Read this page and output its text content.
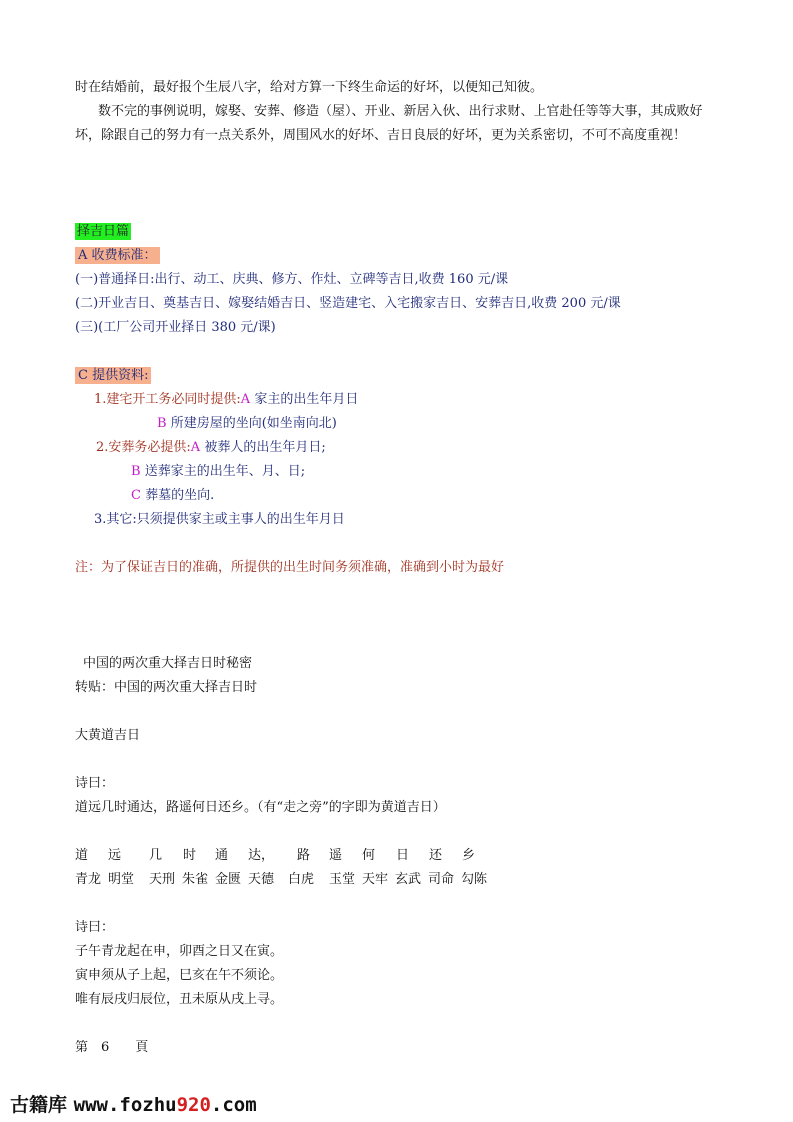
时在结婚前，最好报个生辰八字，给对方算一下终生命运的好坏，以便知己知彼。
数不完的事例说明，嫁娶、安葬、修造（屋）、开业、新居入伙、出行求财、上官赴任等等大事，其成败好
坏，除跟自己的努力有一点关系外，周围风水的好坏、吉日良辰的好坏，更为关系密切，不可不高度重视！
择吉日篇
A 收费标准：
(一)普通择日:出行、动工、庆典、修方、作灶、立碑等吉日,收费 160 元/课
(二)开业吉日、奠基吉日、嫁娶结婚吉日、竖造建宅、入宅搬家吉日、安葬吉日,收费 200 元/课
(三)(工厂公司开业择日 380 元/课)
C 提供资料:
1.建宅开工务必同时提供:A 家主的出生年月日
B 所建房屋的坐向(如坐南向北)
2.安葬务必提供:A 被葬人的出生年月日;
B 送葬家主的出生年、月、日;
C 葬墓的坐向.
3.其它:只须提供家主或主事人的出生年月日
注：为了保证吉日的准确，所提供的出生时间务须准确，准确到小时为最好
中国的两次重大择吉日时秘密
转贴：中国的两次重大择吉日时
大黄道吉日
诗曰：
道远几时通达，路遥何日还乡。（有“走之旁”的字即为黄道吉日）
道 远 几 时 通 达， 路 遥 何 日 还 乡
青龙 明堂 天刑 朱雀 金匮 天德 白虎 玉堂 天牢 玄武 司命 勾陈
诗曰：
子午青龙起在申，卯酉之日又在寅。
寅申须从子上起，巳亥在午不须论。
唯有辰戌归辰位，丑未原从戌上寻。
第　6　　頁
古籍库 www.fozhu920.com
